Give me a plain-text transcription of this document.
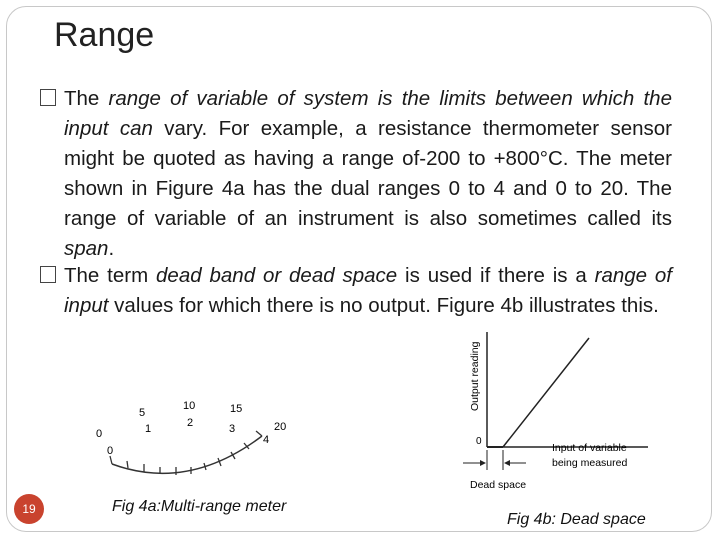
Range
The range of variable of system is the limits between which the input can vary. For example, a resistance thermometer sensor might be quoted as having a range of-200 to +800°C. The meter shown in Figure 4a has the dual ranges 0 to 4 and 0 to 20. The range of variable of an instrument is also sometimes called its span.
The term dead band or dead space is used if there is a range of input values for which there is no output. Figure 4b illustrates this.
0
5
10	15
20
0
1	2	3
4
Output reading
0
Input of variable
being measured
Dead space
19	Fig 4a:Multi-range meter
Fig 4b: Dead space
